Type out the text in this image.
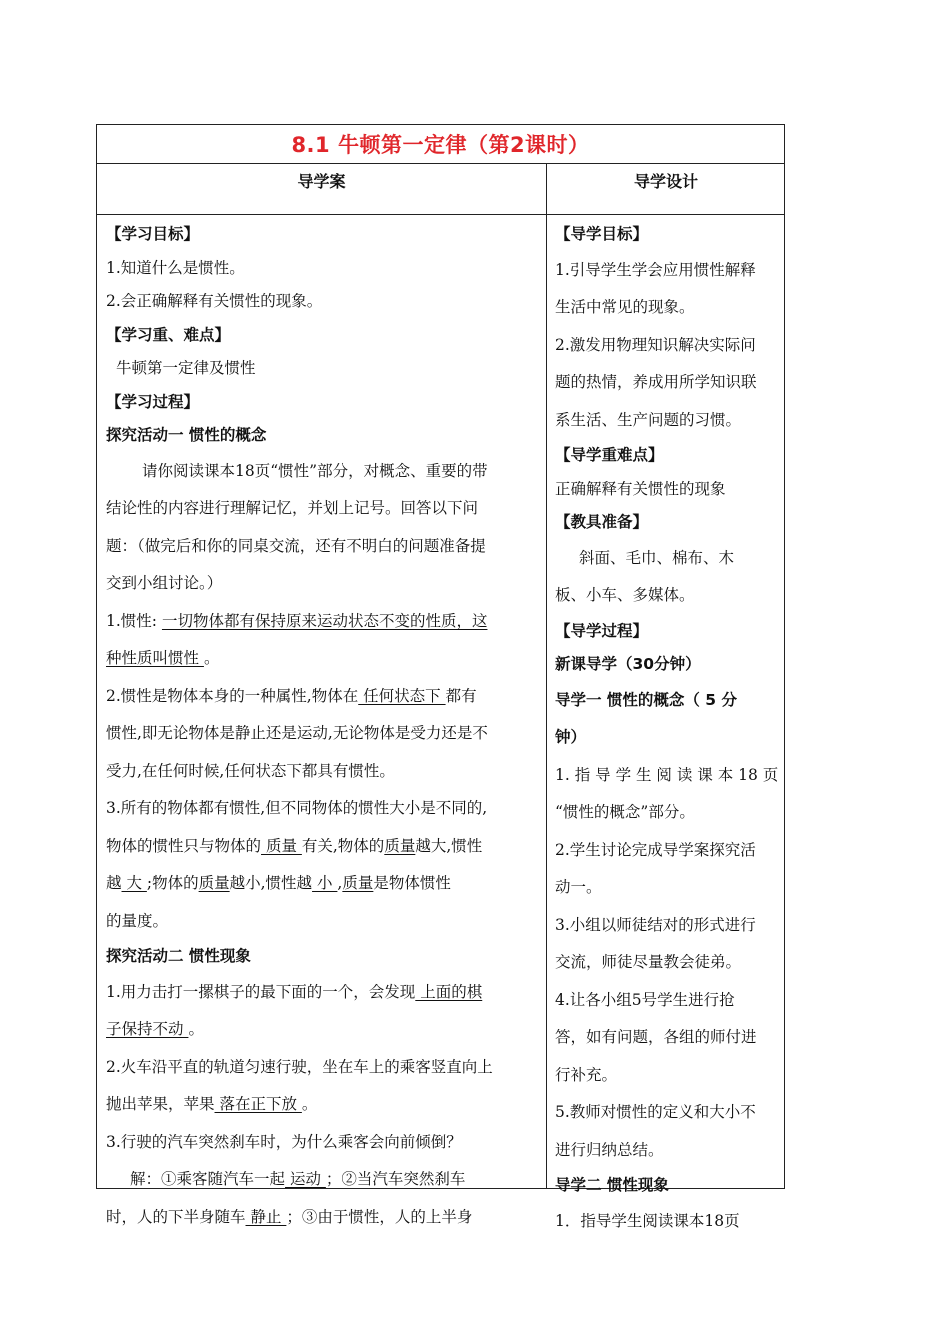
8.1 牛顿第一定律（第2课时）
导学案	导学设计
【学习目标】
1.知道什么是惯性。
2.会正确解释有关惯性的现象。
【学习重、难点】
牛顿第一定律及惯性
【学习过程】
探究活动一 惯性的概念
请你阅读课本18页“惯性”部分，对概念、重要的带
结论性的内容进行理解记忆，并划上记号。回答以下问
题：（做完后和你的同桌交流，还有不明白的问题准备提
交到小组讨论。）
1.惯性: 一切物体都有保持原来运动状态不变的性质，这
种性质叫惯性 。
2.惯性是物体本身的一种属性,物体在 任何状态下 都有
惯性,即无论物体是静止还是运动,无论物体是受力还是不
受力,在任何时候,任何状态下都具有惯性。
3.所有的物体都有惯性,但不同物体的惯性大小是不同的,
物体的惯性只与物体的 质量 有关,物体的质量越大,惯性
越 大 ;物体的质量越小,惯性越 小 ,质量是物体惯性
的量度。
探究活动二 惯性现象
1.用力击打一摞棋子的最下面的一个，会发现 上面的棋
子保持不动 。
2.火车沿平直的轨道匀速行驶，坐在车上的乘客竖直向上
抛出苹果，苹果 落在正下放 。
3.行驶的汽车突然刹车时，为什么乘客会向前倾倒？
解：①乘客随汽车一起 运动 ；②当汽车突然刹车
时，人的下半身随车 静止 ；③由于惯性，人的上半身
【导学目标】
1.引导学生学会应用惯性解释
生活中常见的现象。
2.激发用物理知识解决实际问
题的热情，养成用所学知识联
系生活、生产问题的习惯。
【导学重难点】
正确解释有关惯性的现象
【教具准备】
斜面、毛巾、棉布、木
板、小车、多媒体。
【导学过程】
新课导学（30分钟）
导学一 惯性的概念（ 5 分
钟）
1. 指 导 学 生 阅 读 课 本 18 页
“惯性的概念”部分。
2.学生讨论完成导学案探究活
动一。
3.小组以师徒结对的形式进行
交流，师徒尽量教会徒弟。
4.让各小组5号学生进行抢
答，如有问题，各组的师付进
行补充。
5.教师对惯性的定义和大小不
进行归纳总结。
导学二 惯性现象
1．指导学生阅读课本18页
